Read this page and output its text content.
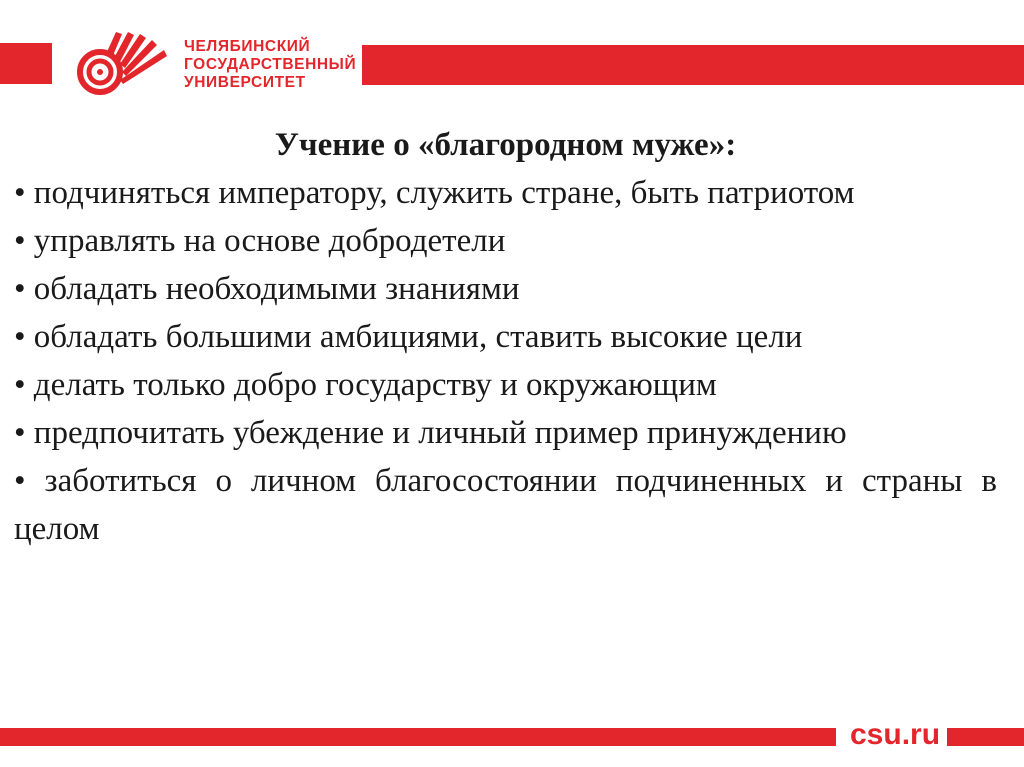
ЧЕЛЯБИНСКИЙ
ГОСУДАРСТВЕННЫЙ
УНИВЕРСИТЕТ
Учение о «благородном муже»:
• подчиняться императору, служить стране, быть патриотом
• управлять на основе добродетели
• обладать необходимыми знаниями
• обладать большими амбициями, ставить высокие цели
• делать только добро государству и окружающим
• предпочитать убеждение и личный пример принуждению
• заботиться о личном благосостоянии подчиненных и страны в целом
csu.ru
